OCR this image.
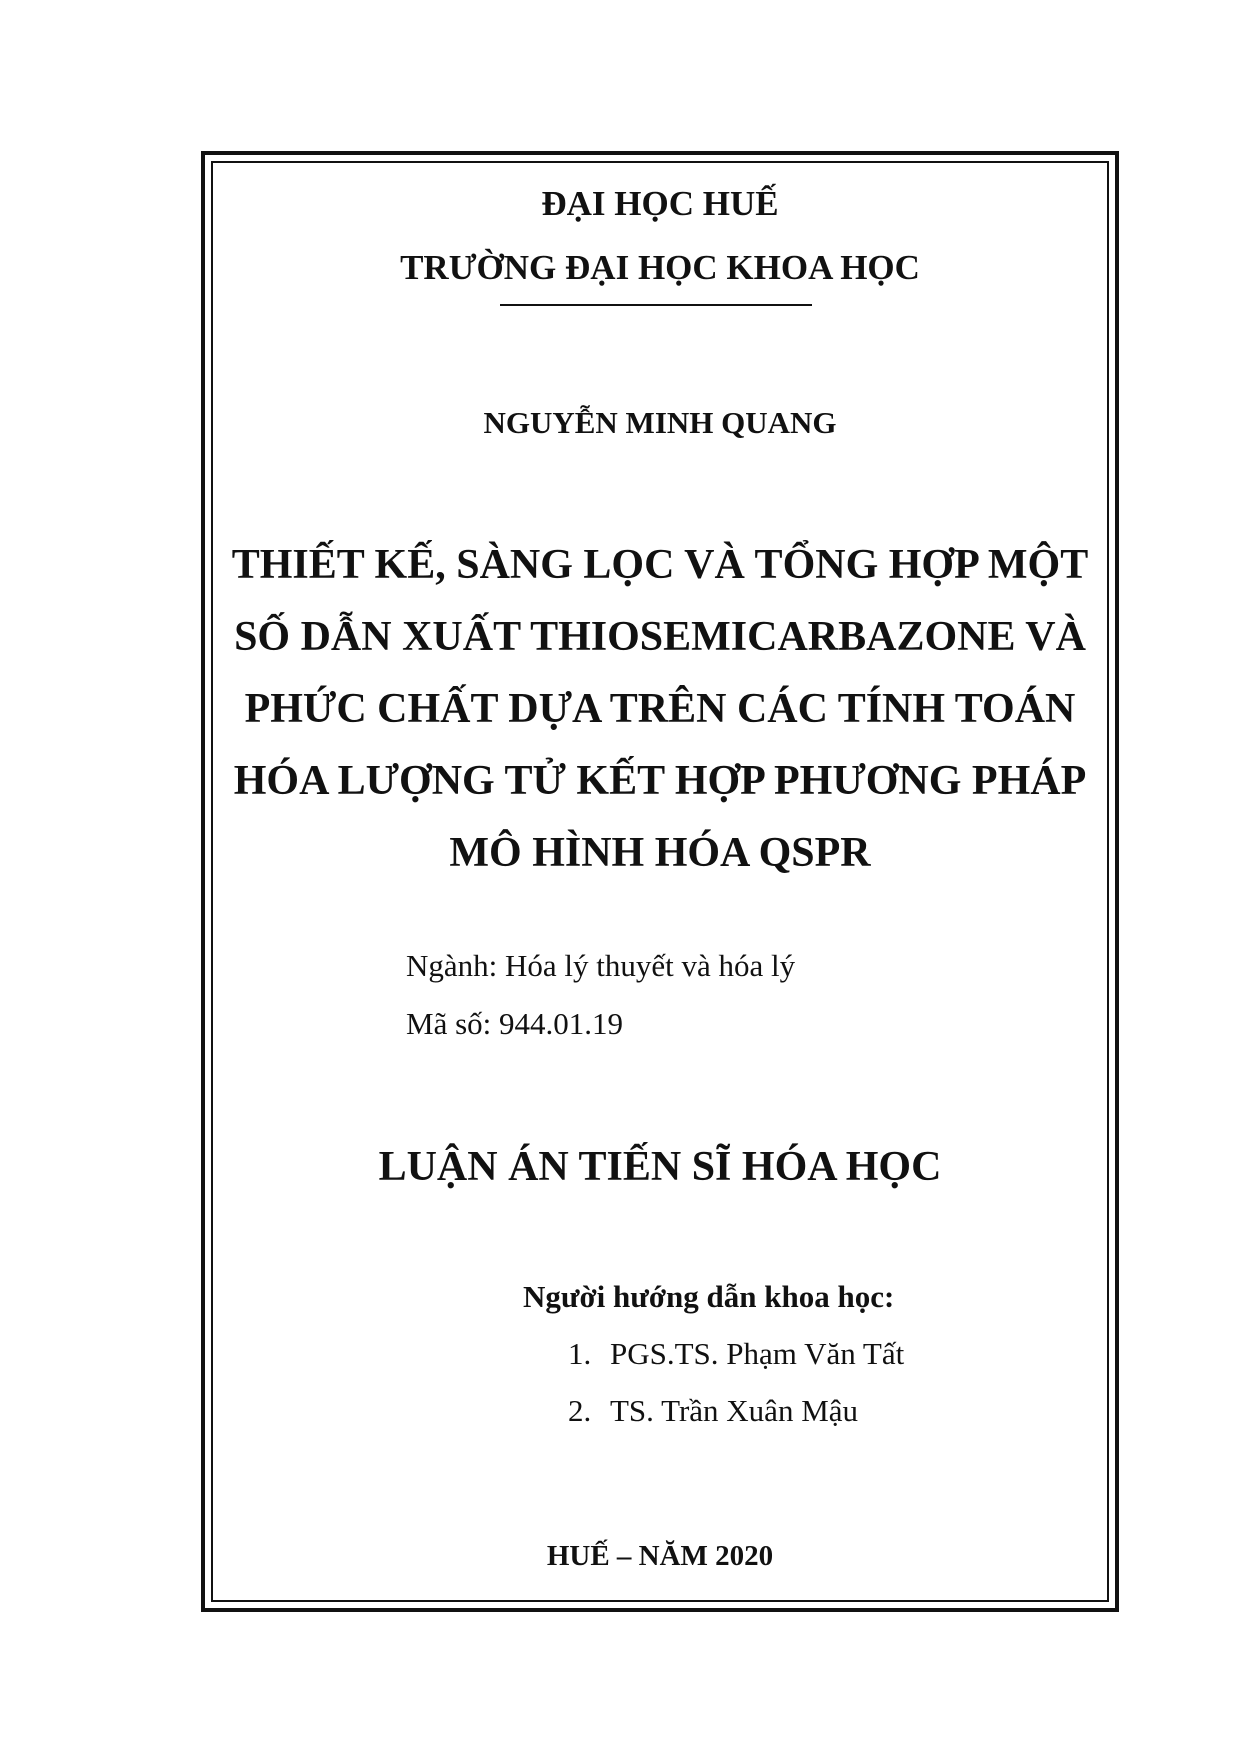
ĐẠI HỌC HUẾ

TRƯỜNG ĐẠI HỌC KHOA HỌC

NGUYỄN MINH QUANG

THIẾT KẾ, SÀNG LỌC VÀ TỔNG HỢP MỘT

SỐ DẪN XUẤT THIOSEMICARBAZONE VÀ

PHỨC CHẤT DỰA TRÊN CÁC TÍNH TOÁN

HÓA LƯỢNG TỬ KẾT HỢP PHƯƠNG PHÁP

MÔ HÌNH HÓA QSPR

Ngành: Hóa lý thuyết và hóa lý

Mã số: 944.01.19

LUẬN ÁN TIẾN SĨ HÓA HỌC

Người hướng dẫn khoa học:

1. PGS.TS. Phạm Văn Tất

2. TS. Trần Xuân Mậu

HUẾ – NĂM 2020
